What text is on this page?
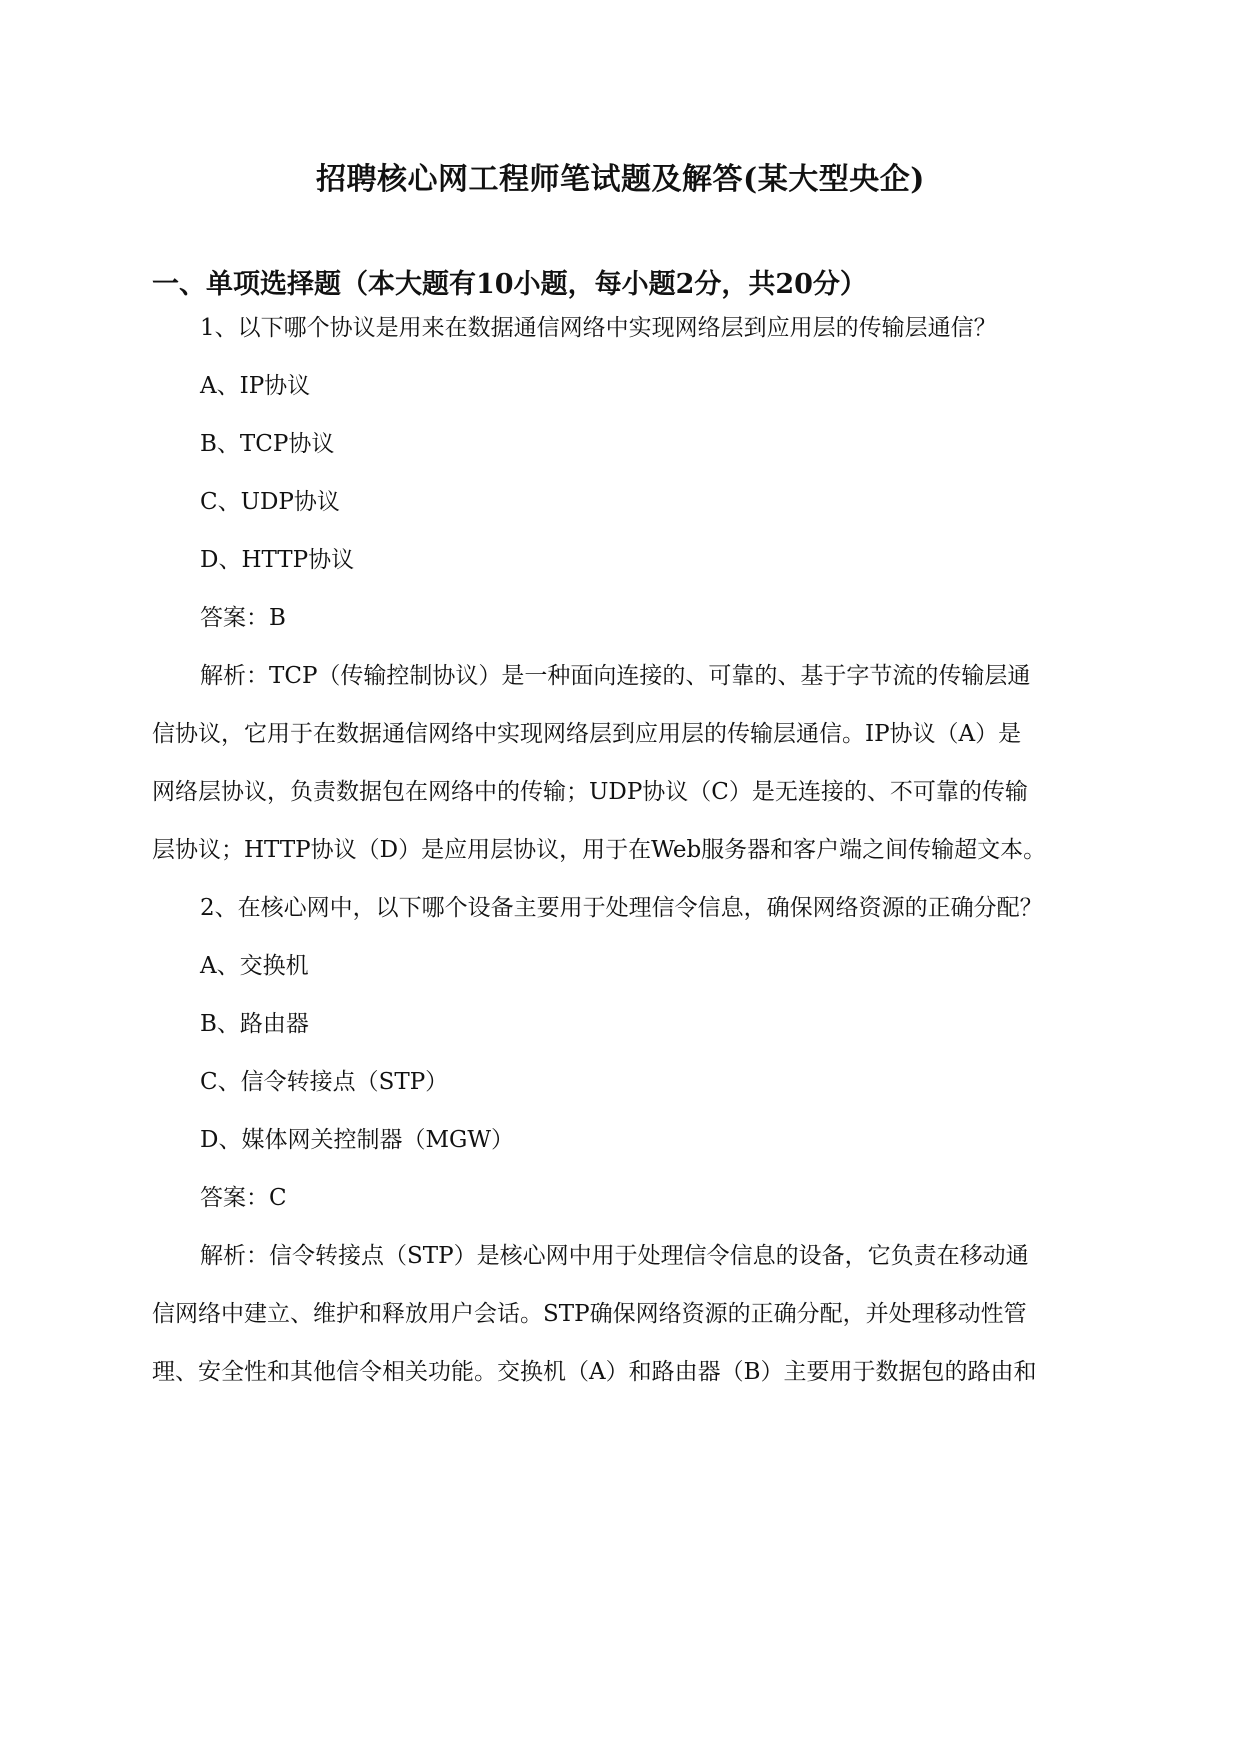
招聘核心网工程师笔试题及解答(某大型央企)
一、单项选择题（本大题有10小题，每小题2分，共20分）
1、以下哪个协议是用来在数据通信网络中实现网络层到应用层的传输层通信？
A、IP协议
B、TCP协议
C、UDP协议
D、HTTP协议
答案：B
解析：TCP（传输控制协议）是一种面向连接的、可靠的、基于字节流的传输层通
信协议，它用于在数据通信网络中实现网络层到应用层的传输层通信。IP协议（A）是
网络层协议，负责数据包在网络中的传输；UDP协议（C）是无连接的、不可靠的传输
层协议；HTTP协议（D）是应用层协议，用于在Web服务器和客户端之间传输超文本。
2、在核心网中，以下哪个设备主要用于处理信令信息，确保网络资源的正确分配？
A、交换机
B、路由器
C、信令转接点（STP）
D、媒体网关控制器（MGW）
答案：C
解析：信令转接点（STP）是核心网中用于处理信令信息的设备，它负责在移动通
信网络中建立、维护和释放用户会话。STP确保网络资源的正确分配，并处理移动性管
理、安全性和其他信令相关功能。交换机（A）和路由器（B）主要用于数据包的路由和
